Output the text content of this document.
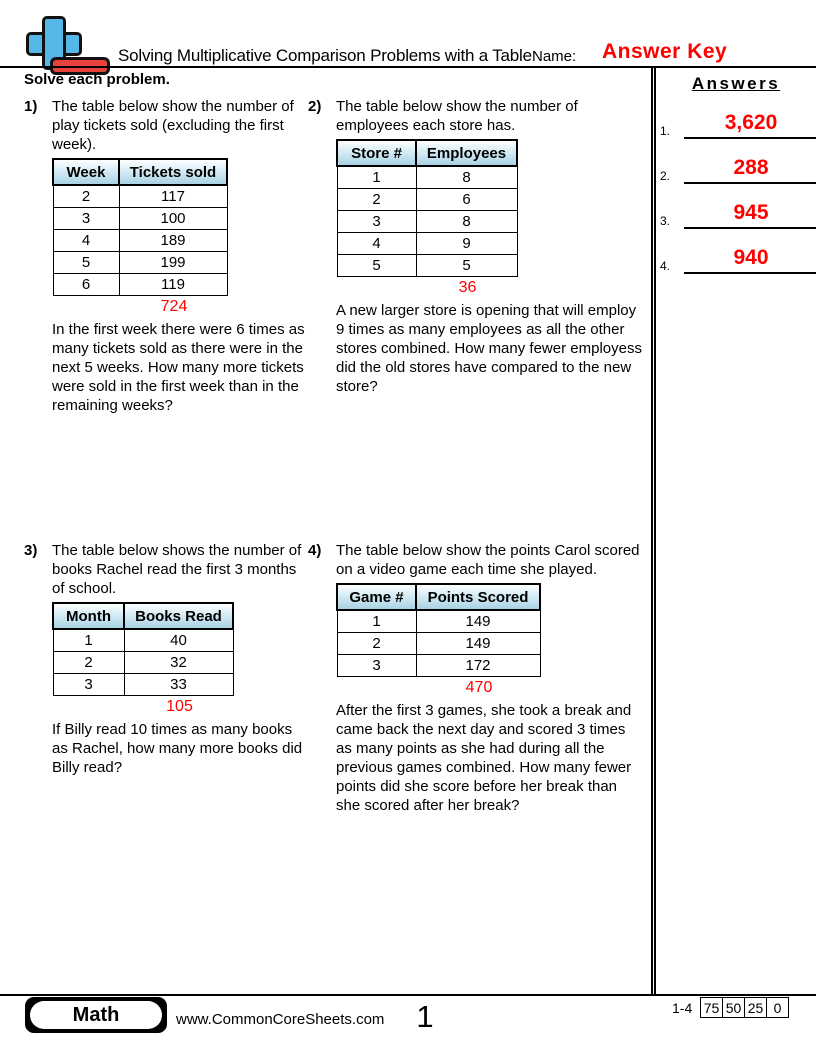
Solving Multiplicative Comparison Problems with a Table Name: Answer Key
Solve each problem.
1) The table below show the number of play tickets sold (excluding the first week).
Week	Tickets sold
2	117
3	100
4	189
5	199
6	119
724
In the first week there were 6 times as many tickets sold as there were in the next 5 weeks. How many more tickets were sold in the first week than in the remaining weeks?
2) The table below show the number of employees each store has.
Store #	Employees
1	8
2	6
3	8
4	9
5	5
36
A new larger store is opening that will employ 9 times as many employees as all the other stores combined. How many fewer employess did the old stores have compared to the new store?
3) The table below shows the number of books Rachel read the first 3 months of school.
Month	Books Read
1	40
2	32
3	33
105
If Billy read 10 times as many books as Rachel, how many more books did Billy read?
4) The table below show the points Carol scored on a video game each time she played.
Game #	Points Scored
1	149
2	149
3	172
470
After the first 3 games, she took a break and came back the next day and scored 3 times as many points as she had during all the previous games combined. How many fewer points did she score before her break than she scored after her break?
Answers
1.	3,620
2.	288
3.	945
4.	940
Math	www.CommonCoreSheets.com	1	1-4 75 50 25 0
